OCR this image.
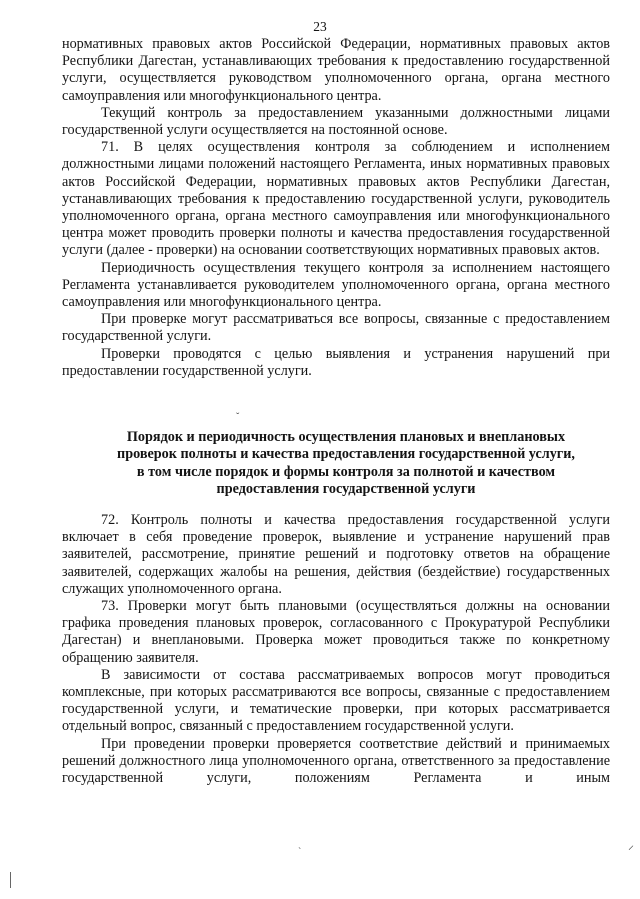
23

нормативных правовых актов Российской Федерации, нормативных правовых актов Республики Дагестан, устанавливающих требования к предоставлению государственной услуги, осуществляется руководством уполномоченного органа, органа местного самоуправления или многофункционального центра.

Текущий контроль за предоставлением указанными должностными лицами государственной услуги осуществляется на постоянной основе.

71. В целях осуществления контроля за соблюдением и исполнением должностными лицами положений настоящего Регламента, иных нормативных правовых актов Российской Федерации, нормативных правовых актов Республики Дагестан, устанавливающих требования к предоставлению государственной услуги, руководитель уполномоченного органа, органа местного самоуправления или многофункционального центра может проводить проверки полноты и качества предоставления государственной услуги (далее - проверки) на основании соответствующих нормативных правовых актов.

Периодичность осуществления текущего контроля за исполнением настоящего Регламента устанавливается руководителем уполномоченного органа, органа местного самоуправления или многофункционального центра.

При проверке могут рассматриваться все вопросы, связанные с предоставлением государственной услуги.

Проверки проводятся с целью выявления и устранения нарушений при предоставлении государственной услуги.

Порядок и периодичность осуществления плановых и внеплановых
проверок полноты и качества предоставления государственной услуги,
в том числе порядок и формы контроля за полнотой и качеством
предоставления государственной услуги

72. Контроль полноты и качества предоставления государственной услуги включает в себя проведение проверок, выявление и устранение нарушений прав заявителей, рассмотрение, принятие решений и подготовку ответов на обращение заявителей, содержащих жалобы на решения, действия (бездействие) государственных служащих уполномоченного органа.

73. Проверки могут быть плановыми (осуществляться должны на основании графика проведения плановых проверок, согласованного с Прокуратурой Республики Дагестан) и внеплановыми. Проверка может проводиться также по конкретному обращению заявителя.

В зависимости от состава рассматриваемых вопросов могут проводиться комплексные, при которых рассматриваются все вопросы, связанные с предоставлением государственной услуги, и тематические проверки, при которых рассматривается отдельный вопрос, связанный с предоставлением государственной услуги.

При проведении проверки проверяется соответствие действий и принимаемых решений должностного лица уполномоченного органа, ответственного за предоставление государственной услуги, положениям Регламента и иным

ˇ
ˋ
⸝
